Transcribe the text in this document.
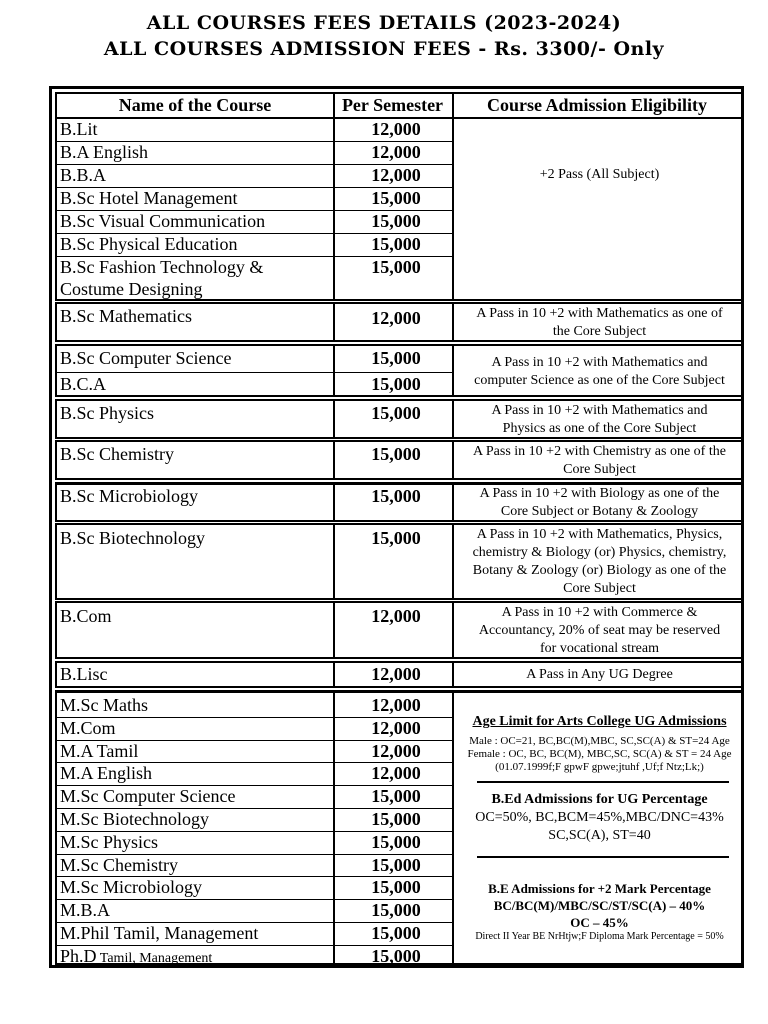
ALL COURSES FEES DETAILS (2023-2024)
ALL COURSES ADMISSION FEES - Rs. 3300/- Only
Name of the Course	Per Semester	Course Admission Eligibility
B.Lit	12,000
B.A English	12,000
B.B.A	12,000
B.Sc Hotel Management	15,000
B.Sc Visual Communication	15,000
B.Sc Physical Education	15,000
B.Sc Fashion Technology &	15,000
Costume Designing
+2 Pass (All Subject)
B.Sc Mathematics	12,000	A Pass in 10 +2 with Mathematics as one of
the Core Subject
B.Sc Computer Science	15,000
B.C.A	15,000
A Pass in 10 +2 with Mathematics and
computer Science as one of the Core Subject
B.Sc Physics	15,000	A Pass in 10 +2 with Mathematics and
Physics as one of the Core Subject
B.Sc Chemistry	15,000	A Pass in 10 +2 with Chemistry as one of the
Core Subject
B.Sc Microbiology	15,000	A Pass in 10 +2 with Biology as one of the
Core Subject or Botany & Zoology
B.Sc Biotechnology	15,000	A Pass in 10 +2 with Mathematics, Physics,
chemistry & Biology (or) Physics, chemistry,
Botany & Zoology (or) Biology as one of the
Core Subject
B.Com	12,000	A Pass in 10 +2 with Commerce &
Accountancy, 20% of seat may be reserved
for vocational stream
B.Lisc	12,000	A Pass in Any UG Degree
M.Sc Maths	12,000
M.Com	12,000
M.A Tamil	12,000
M.A English	12,000
M.Sc Computer Science	15,000
M.Sc Biotechnology	15,000
M.Sc Physics	15,000
M.Sc Chemistry	15,000
M.Sc Microbiology	15,000
M.B.A	15,000
M.Phil Tamil, Management	15,000
Ph.D Tamil, Management	15,000
Age Limit for Arts College UG Admissions
Male : OC=21, BC,BC(M),MBC, SC,SC(A) & ST=24 Age
Female : OC, BC, BC(M), MBC,SC, SC(A) & ST = 24 Age
(01.07.1999f;F gpwF gpwe;jtuhf ,Uf;f Ntz;Lk;)
B.Ed Admissions for UG Percentage
OC=50%, BC,BCM=45%,MBC/DNC=43%
SC,SC(A), ST=40
B.E Admissions for +2 Mark Percentage
BC/BC(M)/MBC/SC/ST/SC(A) – 40%
OC – 45%
Direct II Year BE NrHtjw;F Diploma Mark Percentage = 50%
